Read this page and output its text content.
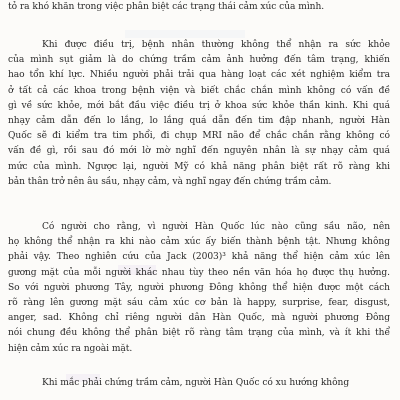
tỏ ra khó khăn trong việc phân biệt các trạng thái cảm xúc của mình.
Khi được điều trị, bệnh nhân thường không thể nhận ra sức khỏe
của mình sụt giảm là do chứng trầm cảm ảnh hưởng đến tâm trạng, khiến
hao tổn khí lực. Nhiều người phải trải qua hàng loạt các xét nghiệm kiểm tra
ở tất cả các khoa trong bệnh viện và biết chắc chắn mình không có vấn đề
gì về sức khỏe, mới bắt đầu việc điều trị ở khoa sức khỏe thần kinh. Khi quá
nhạy cảm dẫn đến lo lắng, lo lắng quá dẫn đến tim đập nhanh, người Hàn
Quốc sẽ đi kiểm tra tim phổi, đi chụp MRI não để chắc chắn rằng không có
vấn đề gì, rồi sau đó mới lờ mờ nghĩ đến nguyên nhân là sự nhạy cảm quá
mức của mình. Ngược lại, người Mỹ có khả năng phân biệt rất rõ ràng khi
bản thân trở nên âu sầu, nhạy cảm, và nghĩ ngay đến chứng trầm cảm.
Có người cho rằng, vì người Hàn Quốc lúc nào cũng sầu não, nên
họ không thể nhận ra khi nào cảm xúc ấy biến thành bệnh tật. Nhưng không
phải vậy. Theo nghiên cứu của Jack (2003)³ khả năng thể hiện cảm xúc lên
gương mặt của mỗi người khác nhau tùy theo nền văn hóa họ được thụ hưởng.
So với người phương Tây, người phương Đông không thể hiện được một cách
rõ ràng lên gương mặt sáu cảm xúc cơ bản là happy, surprise, fear, disgust,
anger, sad. Không chỉ riêng người dân Hàn Quốc, mà người phương Đông
nói chung đều không thể phân biệt rõ ràng tâm trạng của mình, và ít khi thể
hiện cảm xúc ra ngoài mặt.
Khi mắc phải chứng trầm cảm, người Hàn Quốc có xu hướng không
